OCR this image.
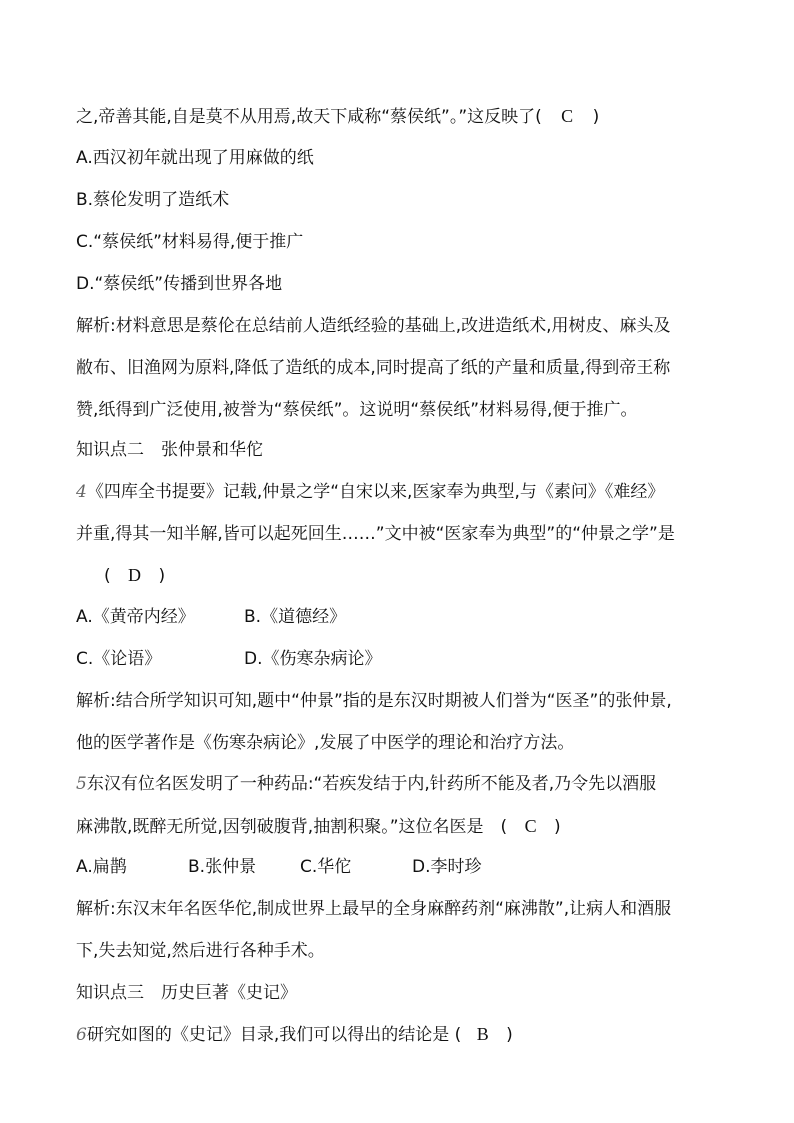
之,帝善其能,自是莫不从用焉,故天下咸称“蔡侯纸”。”这反映了( C )
A.西汉初年就出现了用麻做的纸
B.蔡伦发明了造纸术
C.“蔡侯纸”材料易得,便于推广
D.“蔡侯纸”传播到世界各地
解析:材料意思是蔡伦在总结前人造纸经验的基础上,改进造纸术,用树皮、麻头及
敝布、旧渔网为原料,降低了造纸的成本,同时提高了纸的产量和质量,得到帝王称
赞,纸得到广泛使用,被誉为“蔡侯纸”。这说明“蔡侯纸”材料易得,便于推广。
知识点二　张仲景和华佗
4《四库全书提要》记载,仲景之学“自宋以来,医家奉为典型,与《素问》《难经》
并重,得其一知半解,皆可以起死回生……”文中被“医家奉为典型”的“仲景之学”是
( D )
A.《黄帝内经》	B.《道德经》
C.《论语》	D.《伤寒杂病论》
解析:结合所学知识可知,题中“仲景”指的是东汉时期被人们誉为“医圣”的张仲景,
他的医学著作是《伤寒杂病论》,发展了中医学的理论和治疗方法。
5东汉有位名医发明了一种药品:“若疾发结于内,针药所不能及者,乃令先以酒服
麻沸散,既醉无所觉,因刳破腹背,抽割积聚。”这位名医是　( C )
A.扁鹊	B.张仲景	C.华佗	D.李时珍
解析:东汉末年名医华佗,制成世界上最早的全身麻醉药剂“麻沸散”,让病人和酒服
下,失去知觉,然后进行各种手术。
知识点三　历史巨著《史记》
6研究如图的《史记》目录,我们可以得出的结论是 ( B )
